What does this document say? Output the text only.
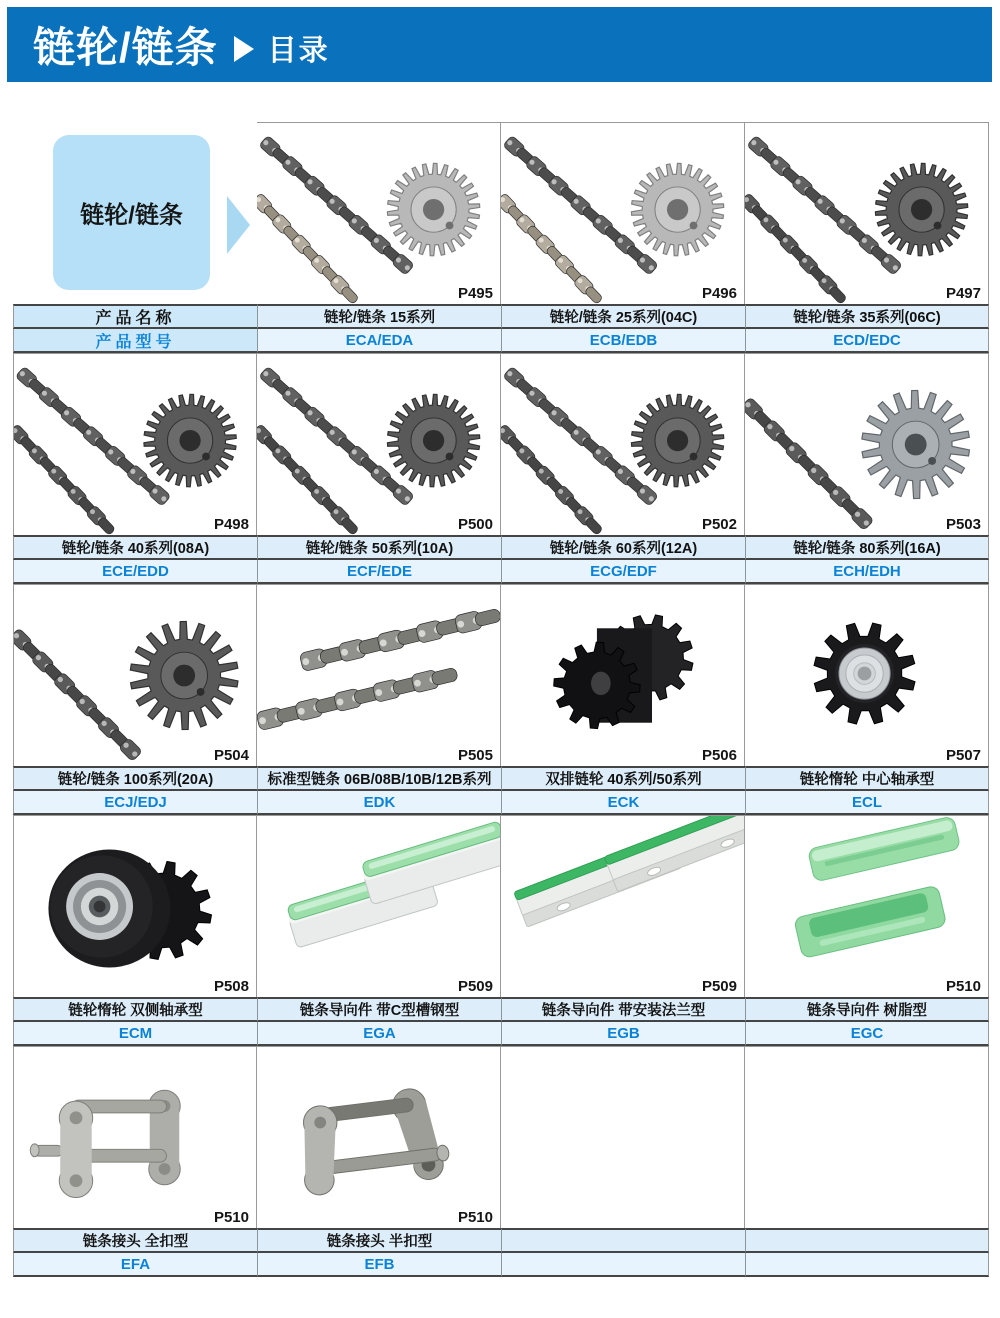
链轮/链条 目录
链轮/链条
产品名称
产品型号
P495
链轮/链条 15系列
ECA/EDA
P496
链轮/链条 25系列(04C)
ECB/EDB
P497
链轮/链条 35系列(06C)
ECD/EDC
P498
链轮/链条 40系列(08A)
ECE/EDD
P500
链轮/链条 50系列(10A)
ECF/EDE
P502
链轮/链条 60系列(12A)
ECG/EDF
P503
链轮/链条 80系列(16A)
ECH/EDH
P504
链轮/链条 100系列(20A)
ECJ/EDJ
P505
标准型链条 06B/08B/10B/12B系列
EDK
P506
双排链轮 40系列/50系列
ECK
P507
链轮惰轮 中心轴承型
ECL
P508
链轮惰轮 双侧轴承型
ECM
P509
链条导向件 带C型槽钢型
EGA
P509
链条导向件 带安装法兰型
EGB
P510
链条导向件 树脂型
EGC
P510
链条接头 全扣型
EFA
P510
链条接头 半扣型
EFB
